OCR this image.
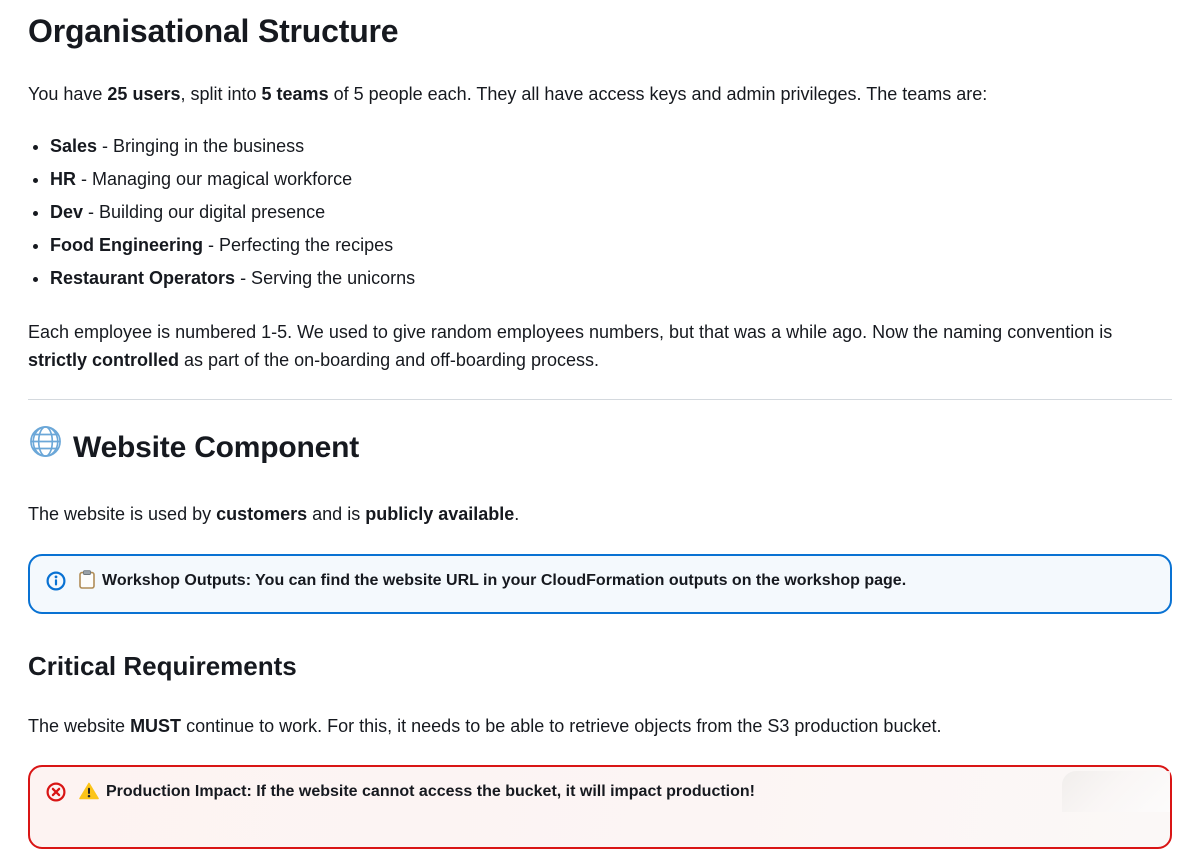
Organisational Structure

You have 25 users, split into 5 teams of 5 people each. They all have access keys and admin privileges. The teams are:

• Sales - Bringing in the business
• HR - Managing our magical workforce
• Dev - Building our digital presence
• Food Engineering - Perfecting the recipes
• Restaurant Operators - Serving the unicorns

Each employee is numbered 1-5. We used to give random employees numbers, but that was a while ago. Now the naming convention is strictly controlled as part of the on-boarding and off-boarding process.

Website Component

The website is used by customers and is publicly available.

Workshop Outputs: You can find the website URL in your CloudFormation outputs on the workshop page.
Critical Requirements

The website MUST continue to work. For this, it needs to be able to retrieve objects from the S3 production bucket.

Production Impact: If the website cannot access the bucket, it will impact production!
